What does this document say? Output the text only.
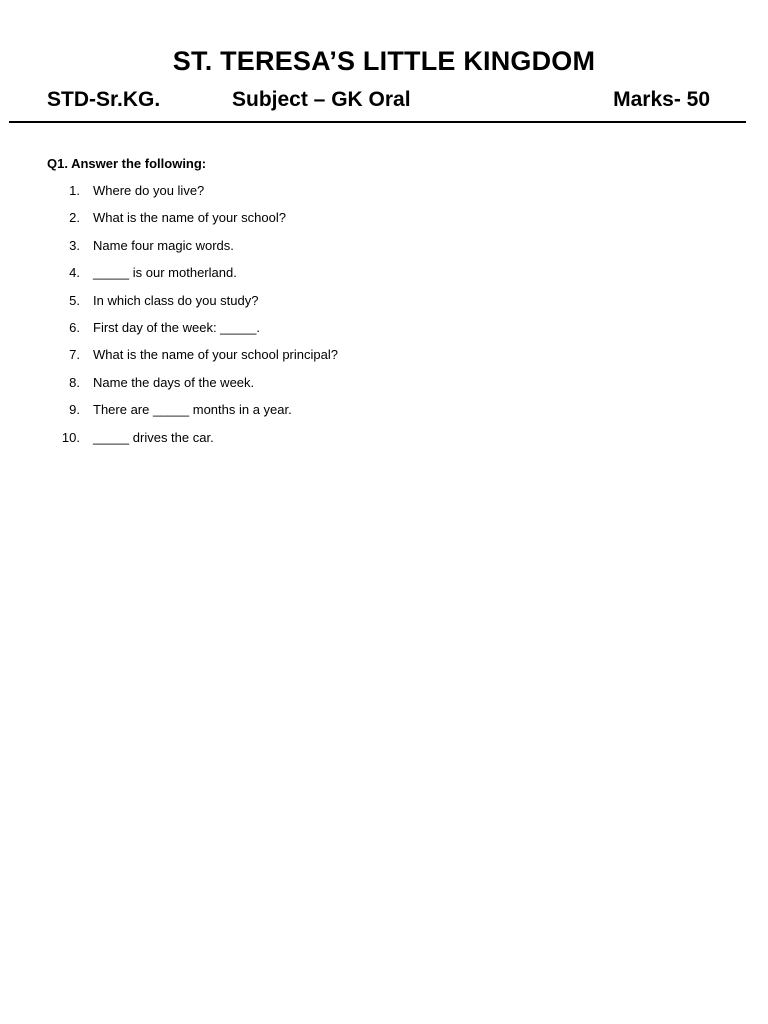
ST. TERESA’S LITTLE KINGDOM
STD-Sr.KG.	Subject – GK Oral	Marks- 50

Q1. Answer the following:

1. Where do you live?
2. What is the name of your school?
3. Name four magic words.
4. _____ is our motherland.
5. In which class do you study?
6. First day of the week: _____.
7. What is the name of your school principal?
8. Name the days of the week.
9. There are _____ months in a year.
10. _____ drives the car.
